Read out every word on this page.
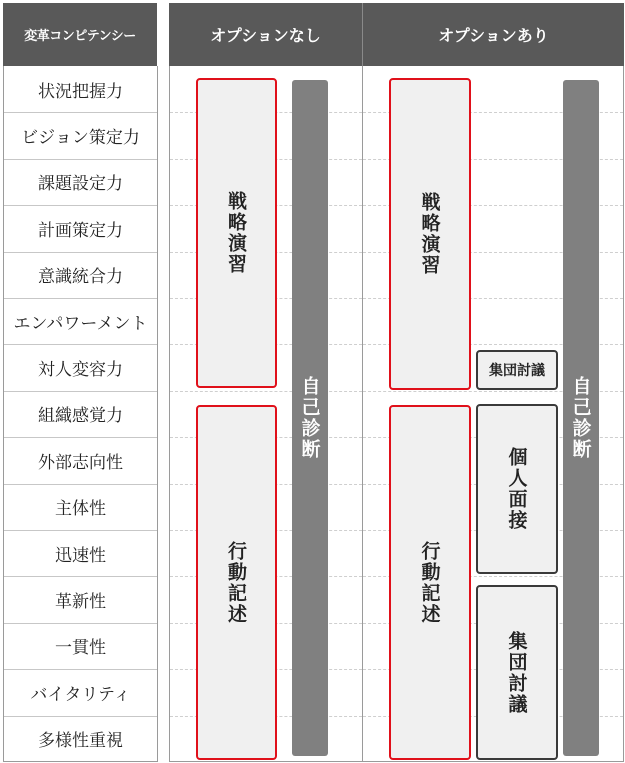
変革コンピテンシー	オプションなし	オプションあり
状況把握力
ビジョン策定力
課題設定力
計画策定力
意識統合力
エンパワーメント
対人変容力
組織感覚力
外部志向性
主体性
迅速性
革新性
一貫性
バイタリティ
多様性重視
戦略演習
行動記述
自己診断
戦略演習
行動記述
集団討議
個人面接
集団討議
自己診断
